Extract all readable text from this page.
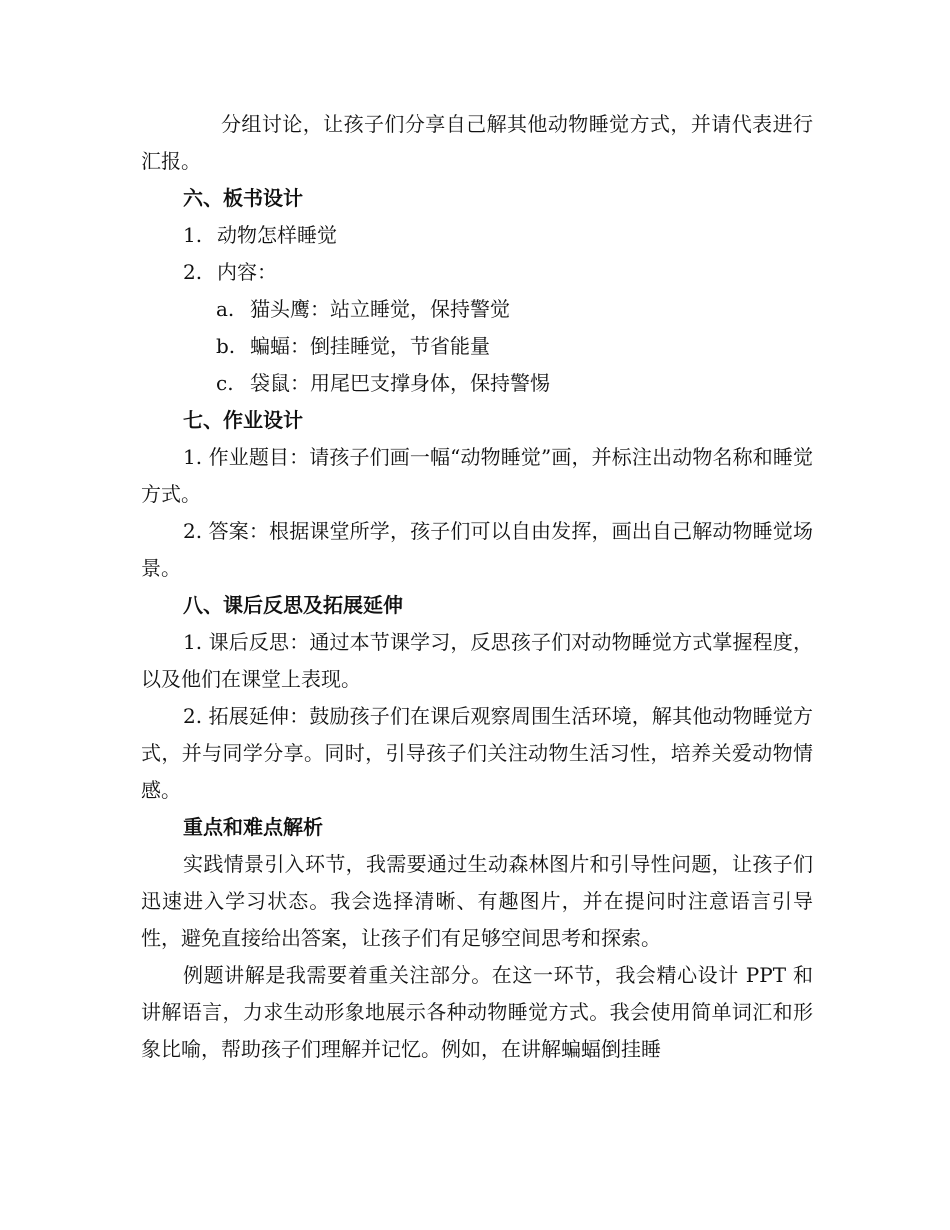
分组讨论，让孩子们分享自己解其他动物睡觉方式，并请代表进行汇报。

六、板书设计

1. 动物怎样睡觉

2. 内容：

a. 猫头鹰：站立睡觉，保持警觉

b. 蝙蝠：倒挂睡觉，节省能量

c. 袋鼠：用尾巴支撑身体，保持警惕

七、作业设计

1. 作业题目：请孩子们画一幅“动物睡觉”画，并标注出动物名称和睡觉方式。

2. 答案：根据课堂所学，孩子们可以自由发挥，画出自己解动物睡觉场景。

八、课后反思及拓展延伸

1. 课后反思：通过本节课学习，反思孩子们对动物睡觉方式掌握程度，以及他们在课堂上表现。

2. 拓展延伸：鼓励孩子们在课后观察周围生活环境，解其他动物睡觉方式，并与同学分享。同时，引导孩子们关注动物生活习性，培养关爱动物情感。

重点和难点解析

实践情景引入环节，我需要通过生动森林图片和引导性问题，让孩子们迅速进入学习状态。我会选择清晰、有趣图片，并在提问时注意语言引导性，避免直接给出答案，让孩子们有足够空间思考和探索。

例题讲解是我需要着重关注部分。在这一环节，我会精心设计 PPT 和讲解语言，力求生动形象地展示各种动物睡觉方式。我会使用简单词汇和形象比喻，帮助孩子们理解并记忆。例如，在讲解蝙蝠倒挂睡
